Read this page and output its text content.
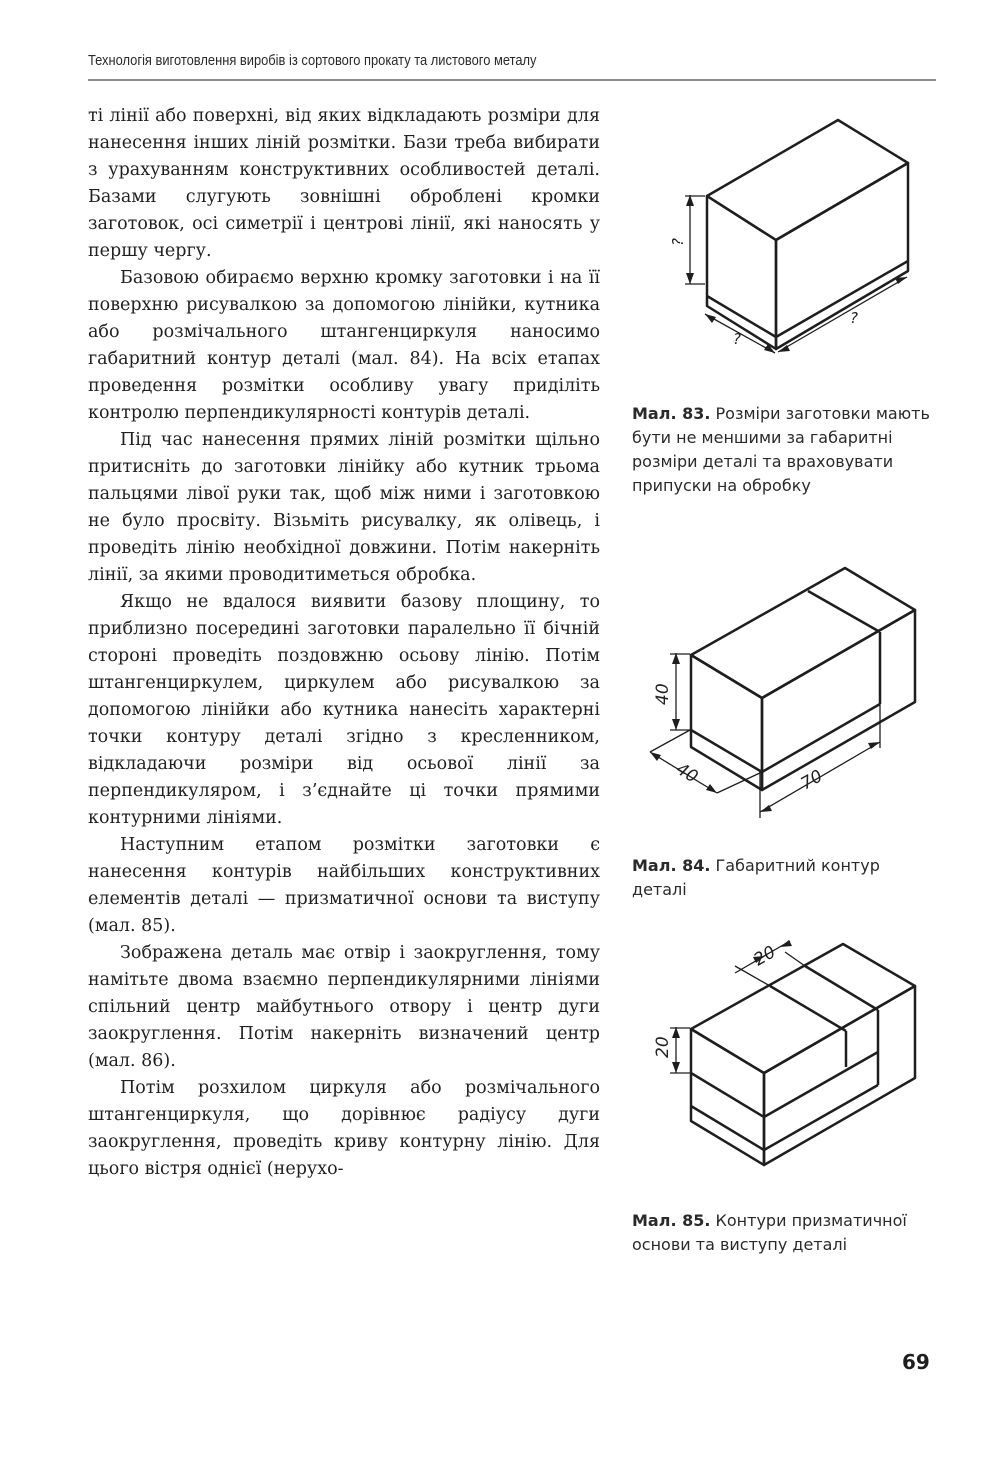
Технологія виготовлення виробів із сортового прокату та листового металу

ті лінії або поверхні, від яких відкладають розміри для нанесення інших ліній розмітки. Бази треба вибирати з урахуванням конструктивних особливостей деталі. Базами слугують зовнішні оброблені кромки заготовок, осі симетрії і центрові лінії, які наносять у першу чергу.

Базовою обираємо верхню кромку заготовки і на її поверхню рисувалкою за допомогою лінійки, кутника або розмічального штангенциркуля наносимо габаритний контур деталі (мал. 84). На всіх етапах проведення розмітки особливу увагу приділіть контролю перпендикулярності контурів деталі.

Під час нанесення прямих ліній розмітки щільно притисніть до заготовки лінійку або кутник трьома пальцями лівої руки так, щоб між ними і заготовкою не було просвіту. Візьміть рисувалку, як олівець, і проведіть лінію необхідної довжини. Потім накерніть лінії, за якими проводитиметься обробка.

Якщо не вдалося виявити базову площину, то приблизно посередині заготовки паралельно її бічній стороні проведіть поздовжню осьову лінію. Потім штангенциркулем, циркулем або рисувалкою за допомогою лінійки або кутника нанесіть характерні точки контуру деталі згідно з кресленником, відкладаючи розміри від осьової лінії за перпендикуляром, і з’єднайте ці точки прямими контурними лініями.

Наступним етапом розмітки заготовки є нанесення контурів найбільших конструктивних елементів деталі — призматичної основи та виступу (мал. 85).

Зображена деталь має отвір і заокруглення, тому намітьте двома взаємно перпендикулярними лініями спільний центр майбутнього отвору і центр дуги заокруглення. Потім накерніть визначений центр (мал. 86).

Потім розхилом циркуля або розмічального штангенциркуля, що дорівнює радіусу дуги заокруглення, проведіть криву контурну лінію. Для цього вістря однієї (нерухо-

?
?
?
Мал. 83. Розміри заготовки мають бути не меншими за габаритні розміри деталі та враховувати припуски на обробку
40
40	70
Мал. 84. Габаритний контур деталі
20
20
Мал. 85. Контури призматичної основи та виступу деталі
69
